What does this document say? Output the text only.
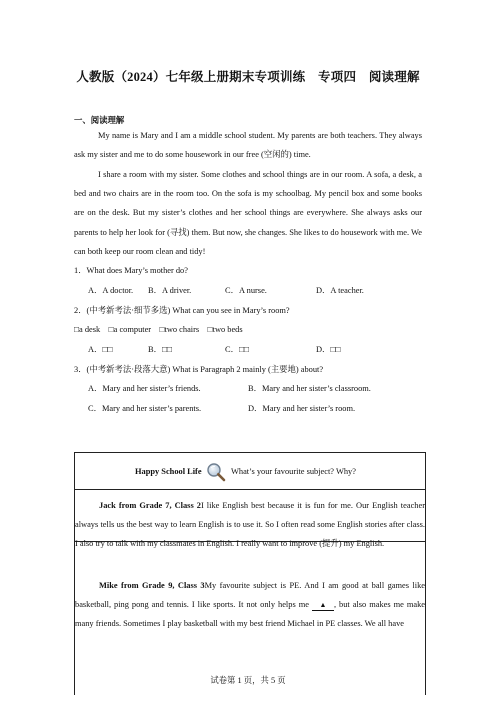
人教版（2024）七年级上册期末专项训练　专项四　阅读理解
一、阅读理解

My name is Mary and I am a middle school student. My parents are both teachers. They always ask my sister and me to do some housework in our free (空闲的) time.

I share a room with my sister. Some clothes and school things are in our room. A sofa, a desk, a bed and two chairs are in the room too. On the sofa is my schoolbag. My pencil box and some books are on the desk. But my sister’s clothes and her school things are everywhere. She always asks our parents to help her look for (寻找) them. But now, she changes. She likes to do housework with me. We can both keep our room clean and tidy!

1．What does Mary’s mother do?
A．A doctor. B．A driver.	C．A nurse.	D．A teacher.
2．(中考新考法·细节多选) What can you see in Mary’s room?
□a desk　□a computer　□two chairs　□two beds
A．□□	B．□□	C．□□	D．□□
3．(中考新考法·段落大意) What is Paragraph 2 mainly (主要地) about?
A．Mary and her sister’s friends.	B．Mary and her sister’s classroom.
C．Mary and her sister’s parents.	D．Mary and her sister’s room.
Happy School Life	What’s your favourite subject? Why?
Jack from Grade 7, Class 2I like English best because it is fun for me. Our English teacher always tells us the best way to learn English is to use it. So I often read some English stories after class. I also try to talk with my classmates in English. I really want to improve (提升) my English.
Mike from Grade 9, Class 3My favourite subject is PE. And I am good at ball games like basketball, ping pong and tennis. I like sports. It not only helps me ▲ , but also makes me make many friends. Sometimes I play basketball with my best friend Michael in PE classes. We all have
试卷第 1 页，共 5 页
